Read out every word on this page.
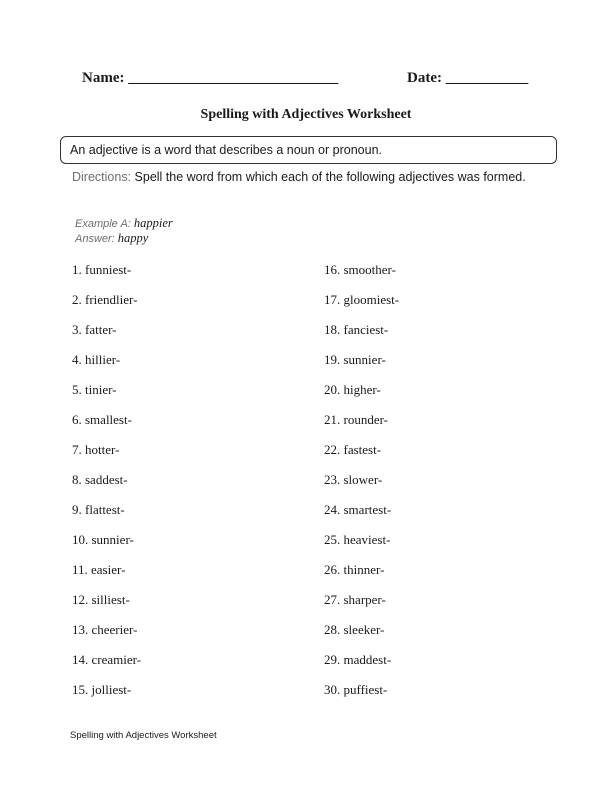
Name: ____________________________	Date: ___________
Spelling with Adjectives Worksheet
An adjective is a word that describes a noun or pronoun.
Directions: Spell the word from which each of the following adjectives was formed.
Example A: happier
Answer: happy
1. funniest-
2. friendlier-
3. fatter-
4. hillier-
5. tinier-
6. smallest-
7. hotter-
8. saddest-
9. flattest-
10. sunnier-
11. easier-
12. silliest-
13. cheerier-
14. creamier-
15. jolliest-
16. smoother-
17. gloomiest-
18. fanciest-
19. sunnier-
20. higher-
21. rounder-
22. fastest-
23. slower-
24. smartest-
25. heaviest-
26. thinner-
27. sharper-
28. sleeker-
29. maddest-
30. puffiest-
Spelling with Adjectives Worksheet
